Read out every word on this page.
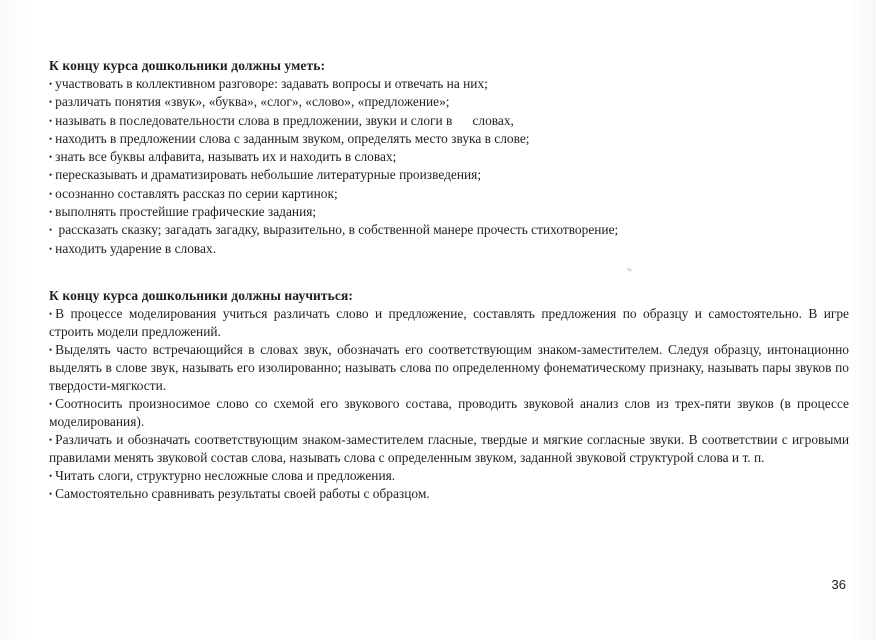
К концу курса дошкольники должны уметь:
• участвовать в коллективном разговоре: задавать вопросы и отвечать на них;
• различать понятия «звук», «буква», «слог», «слово», «предложение»;
• называть в последовательности слова в предложении, звуки и слоги в      словах,
• находить в предложении слова с заданным звуком, определять место звука в слове;
• знать все буквы алфавита, называть их и находить в словах;
• пересказывать и драматизировать небольшие литературные произведения;
• осознанно составлять рассказ по серии картинок;
• выполнять простейшие графические задания;
• рассказать сказку; загадать загадку, выразительно, в собственной манере прочесть стихотворение;
• находить ударение в словах.
К концу курса дошкольники должны научиться:
• В процессе моделирования учиться различать слово и предложение, составлять предложения по образцу и самостоятельно. В игре строить модели предложений.
• Выделять часто встречающийся в словах звук, обозначать его соответствующим знаком-заместителем. Следуя образцу, интонационно выделять в слове звук, называть его изолированно; называть слова по определенному фонематическому признаку, называть пары звуков по твердости-мягкости.
• Соотносить произносимое слово со схемой его звукового состава, проводить звуковой анализ слов из трех-пяти звуков (в процессе моделирования).
• Различать и обозначать соответствующим знаком-заместителем гласные, твердые и мягкие согласные звуки. В соответствии с игровыми правилами менять звуковой состав слова, называть слова с определенным звуком, заданной звуковой структурой слова и т. п.
• Читать слоги, структурно несложные слова и предложения.
• Самостоятельно сравнивать результаты своей работы с образцом.
36
